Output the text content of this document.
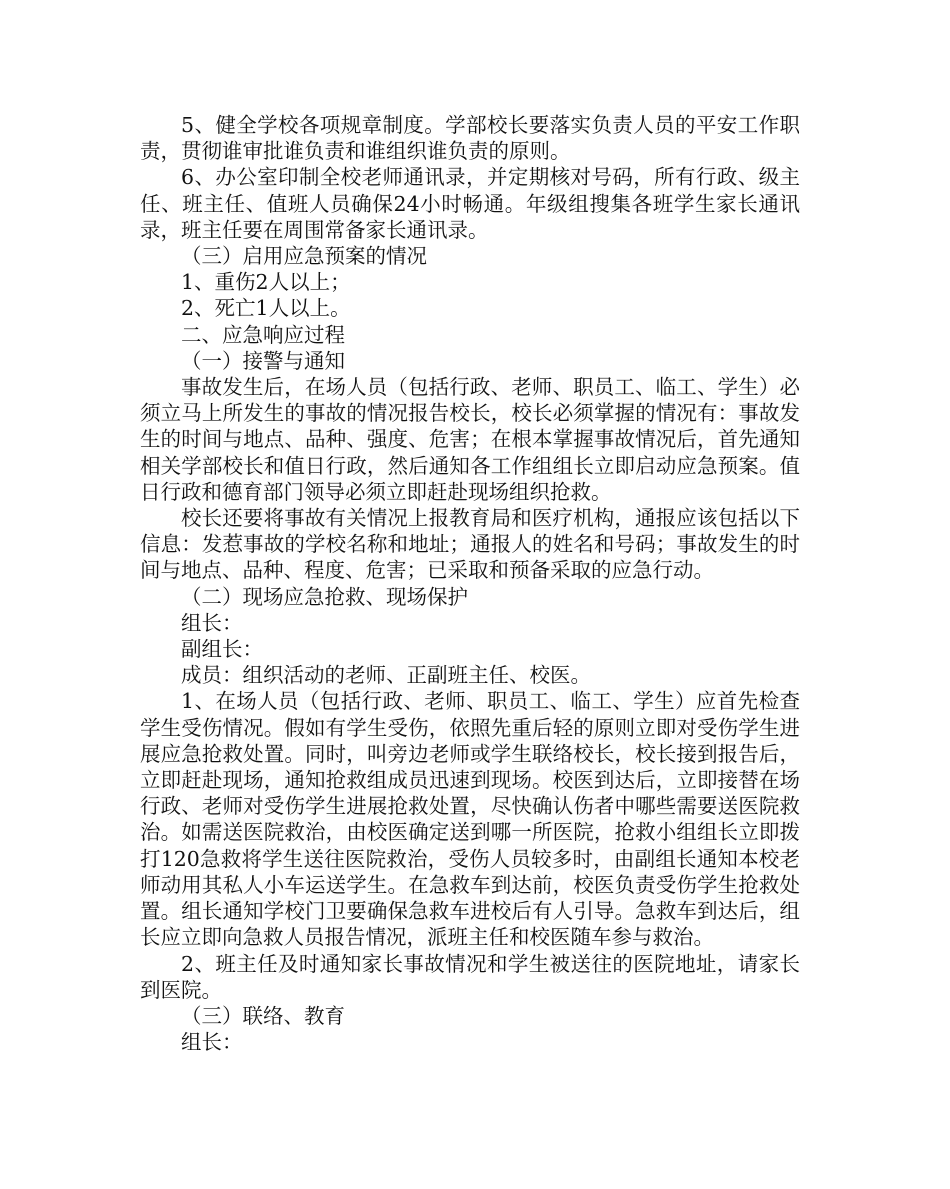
5、健全学校各项规章制度。学部校长要落实负责人员的平安工作职责，贯彻谁审批谁负责和谁组织谁负责的原则。

6、办公室印制全校老师通讯录，并定期核对号码，所有行政、级主任、班主任、值班人员确保24小时畅通。年级组搜集各班学生家长通讯录，班主任要在周围常备家长通讯录。

（三）启用应急预案的情况

1、重伤2人以上；

2、死亡1人以上。

二、应急响应过程

（一）接警与通知

事故发生后，在场人员（包括行政、老师、职员工、临工、学生）必须立马上所发生的事故的情况报告校长，校长必须掌握的情况有：事故发生的时间与地点、品种、强度、危害；在根本掌握事故情况后，首先通知相关学部校长和值日行政，然后通知各工作组组长立即启动应急预案。值日行政和德育部门领导必须立即赶赴现场组织抢救。

校长还要将事故有关情况上报教育局和医疗机构，通报应该包括以下信息：发惹事故的学校名称和地址；通报人的姓名和号码；事故发生的时间与地点、品种、程度、危害；已采取和预备采取的应急行动。

（二）现场应急抢救、现场保护

组长：

副组长：

成员：组织活动的老师、正副班主任、校医。

1、在场人员（包括行政、老师、职员工、临工、学生）应首先检查学生受伤情况。假如有学生受伤，依照先重后轻的原则立即对受伤学生进展应急抢救处置。同时，叫旁边老师或学生联络校长，校长接到报告后，立即赶赴现场，通知抢救组成员迅速到现场。校医到达后，立即接替在场行政、老师对受伤学生进展抢救处置，尽快确认伤者中哪些需要送医院救治。如需送医院救治，由校医确定送到哪一所医院，抢救小组组长立即拨打120急救将学生送往医院救治，受伤人员较多时，由副组长通知本校老师动用其私人小车运送学生。在急救车到达前，校医负责受伤学生抢救处置。组长通知学校门卫要确保急救车进校后有人引导。急救车到达后，组长应立即向急救人员报告情况，派班主任和校医随车参与救治。

2、班主任及时通知家长事故情况和学生被送往的医院地址，请家长到医院。

（三）联络、教育

组长：
